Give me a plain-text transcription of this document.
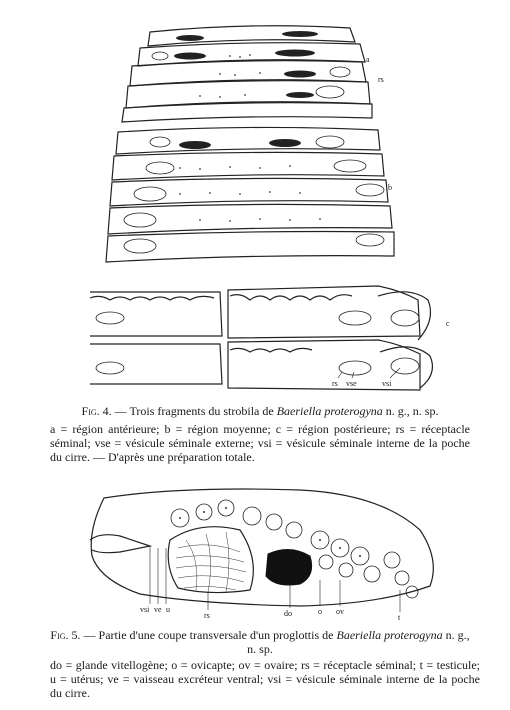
a
rs
b
c
rs vse	vsi
Fig. 4. — Trois fragments du strobila de Baeriella proterogyna n. g., n. sp.
a = région antérieure; b = région moyenne; c = région postérieure; rs = réceptacle séminal; vse = vésicule séminale externe; vsi = vésicule séminale interne de la poche du cirre. — D'après une préparation totale.
vsi ve u
rs	do	o ov
t
Fig. 5. — Partie d'une coupe transversale d'un proglottis de Baeriella proterogyna n. g., n. sp.
do = glande vitellogène; o = ovicapte; ov = ovaire; rs = réceptacle séminal; t = testicule; u = utérus; ve = vaisseau excréteur ventral; vsi = vésicule séminale interne de la poche du cirre.
